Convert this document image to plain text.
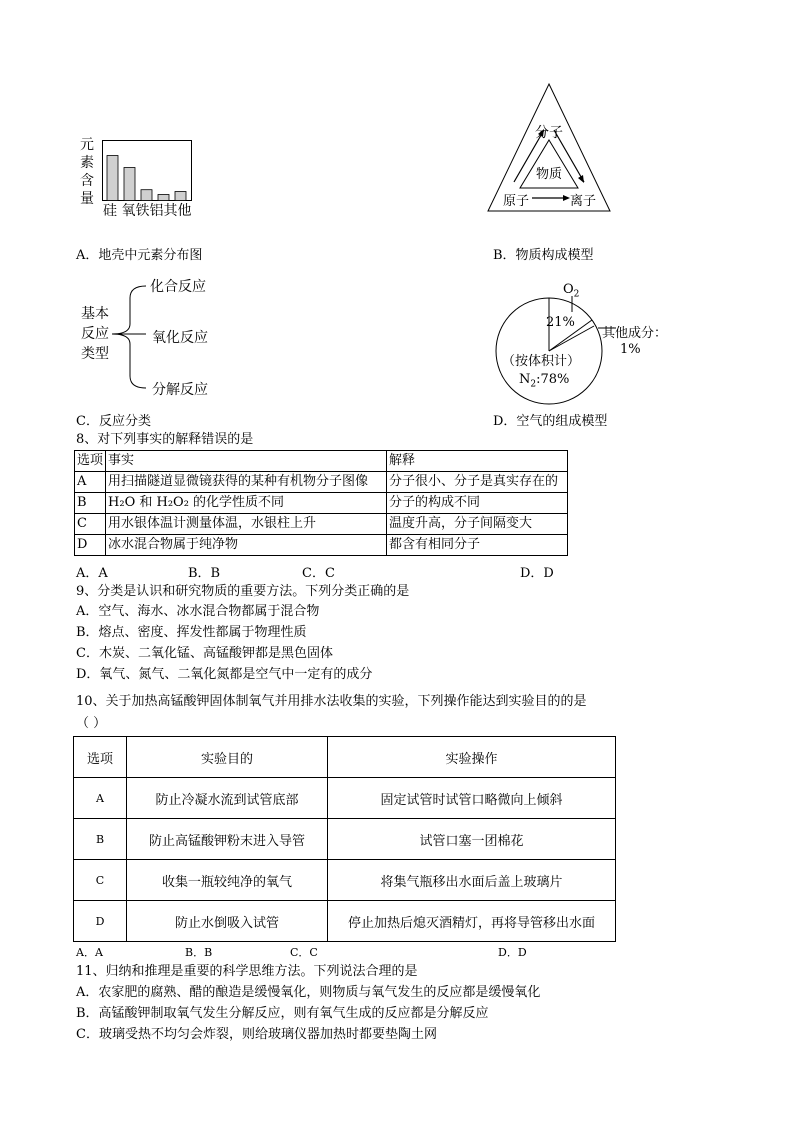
元
素
含
量
硅 氧铁铝其他
A．地壳中元素分布图
分子
物质
原子	离子
B．物质构成模型
基本
反应
类型
化合反应
氧化反应
分解反应
C．反应分类
$O_2$
21%
其他成分：
1%
（按体积计）
$N_2:78\%$
D．空气的组成模型
8、对下列事实的解释错误的是
选项	事实	解释
A	用扫描隧道显微镜获得的某种有机物分子图像	分子很小、分子是真实存在的
B	H₂O 和 H₂O₂ 的化学性质不同	分子的构成不同
C	用水银体温计测量体温，水银柱上升	温度升高，分子间隔变大
D	冰水混合物属于纯净物	都含有相同分子
A．A	B．B	C．C	D．D
9、分类是认识和研究物质的重要方法。下列分类正确的是
A．空气、海水、冰水混合物都属于混合物
B．熔点、密度、挥发性都属于物理性质
C．木炭、二氧化锰、高锰酸钾都是黑色固体
D．氧气、氮气、二氧化氮都是空气中一定有的成分
10、关于加热高锰酸钾固体制氧气并用排水法收集的实验，下列操作能达到实验目的的是
（ ）
选项	实验目的	实验操作
A	防止冷凝水流到试管底部	固定试管时试管口略微向上倾斜
B	防止高锰酸钾粉末进入导管	试管口塞一团棉花
C	收集一瓶较纯净的氧气	将集气瓶移出水面后盖上玻璃片
D	防止水倒吸入试管	停止加热后熄灭酒精灯，再将导管移出水面
A．A	B．B	C．C	D．D
11、归纳和推理是重要的科学思维方法。下列说法合理的是
A．农家肥的腐熟、醋的酿造是缓慢氧化，则物质与氧气发生的反应都是缓慢氧化
B．高锰酸钾制取氧气发生分解反应，则有氧气生成的反应都是分解反应
C．玻璃受热不均匀会炸裂，则给玻璃仪器加热时都要垫陶土网
